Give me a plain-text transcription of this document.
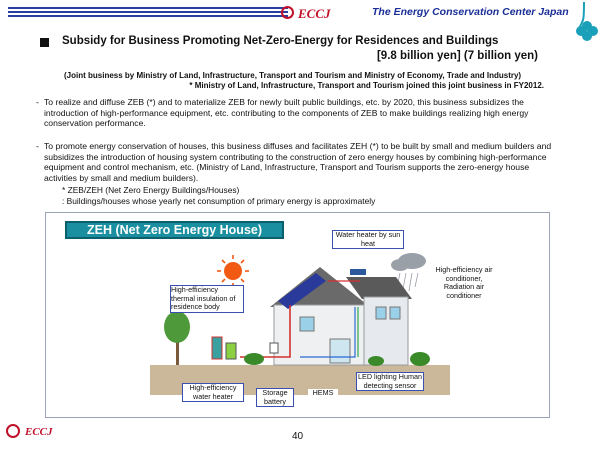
ECCJ	The Energy Conservation Center Japan
Subsidy for Business Promoting Net-Zero-Energy for Residences and Buildings
[9.8 billion yen] (7 billion yen)
(Joint business by Ministry of Land, Infrastructure, Transport and Tourism and Ministry of Economy, Trade and Industry)
* Ministry of Land, Infrastructure, Transport and Tourism joined this joint business in FY2012.
- To realize and diffuse ZEB (*) and to materialize ZEB for newly built public buildings, etc. by 2020, this business subsidizes the introduction of high-performance equipment, etc. contributing to the components of ZEB to make buildings realizing high energy conservation performance.
- To promote energy conservation of houses, this business diffuses and facilitates ZEH (*) to be built by small and medium builders and subsidizes the introduction of housing system contributing to the construction of zero energy houses by combining high-performance equipment and control mechanism, etc. (Ministry of Land, Infrastructure, Transport and Tourism supports the zero-energy house activities by small and medium builders).
* ZEB/ZEH (Net Zero Energy Buildings/Houses)
: Buildings/houses whose yearly net consumption of primary energy is approximately
ZEH (Net Zero Energy House)	Water heater by sun heat
High-efficiency air conditioner, Radiation air conditioner
High-efficiency thermal insulation of residence body
High-efficiency water heater	Storage battery
HEMS
LED lighting Human detecting sensor
ECCJ	40
